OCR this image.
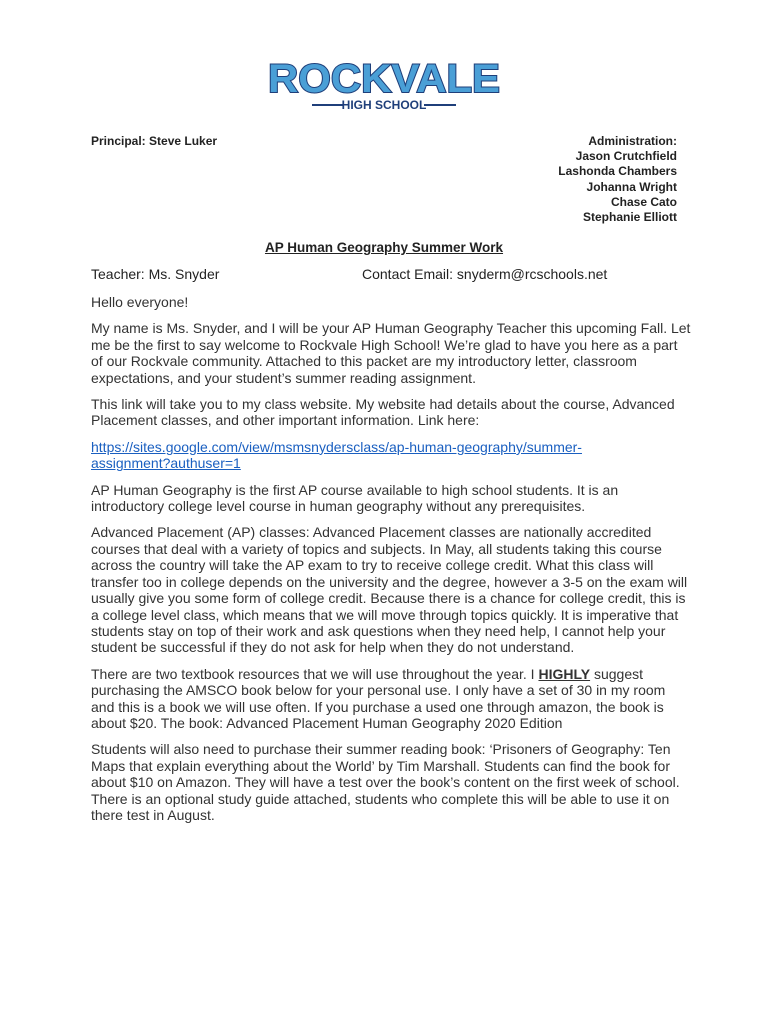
ROCKVALE
HIGH SCHOOL
Principal: Steve Luker	Administration:
Jason Crutchfield
Lashonda Chambers
Johanna Wright
Chase Cato
Stephanie Elliott
AP Human Geography Summer Work
Teacher: Ms. Snyder	Contact Email: snyderm@rcschools.net

Hello everyone!

My name is Ms. Snyder, and I will be your AP Human Geography Teacher this upcoming Fall. Let me be the first to say welcome to Rockvale High School! We’re glad to have you here as a part of our Rockvale community. Attached to this packet are my introductory letter, classroom expectations, and your student’s summer reading assignment.

This link will take you to my class website. My website had details about the course, Advanced Placement classes, and other important information. Link here:

https://sites.google.com/view/msmsnydersclass/ap-human-geography/summer-
assignment?authuser=1

AP Human Geography is the first AP course available to high school students. It is an introductory college level course in human geography without any prerequisites.

Advanced Placement (AP) classes: Advanced Placement classes are nationally accredited courses that deal with a variety of topics and subjects. In May, all students taking this course across the country will take the AP exam to try to receive college credit. What this class will transfer too in college depends on the university and the degree, however a 3-5 on the exam will usually give you some form of college credit. Because there is a chance for college credit, this is a college level class, which means that we will move through topics quickly. It is imperative that students stay on top of their work and ask questions when they need help, I cannot help your student be successful if they do not ask for help when they do not understand.

There are two textbook resources that we will use throughout the year. I HIGHLY suggest purchasing the AMSCO book below for your personal use. I only have a set of 30 in my room and this is a book we will use often. If you purchase a used one through amazon, the book is about $20. The book: Advanced Placement Human Geography 2020 Edition

Students will also need to purchase their summer reading book: ‘Prisoners of Geography: Ten Maps that explain everything about the World’ by Tim Marshall. Students can find the book for about $10 on Amazon. They will have a test over the book’s content on the first week of school. There is an optional study guide attached, students who complete this will be able to use it on there test in August.
